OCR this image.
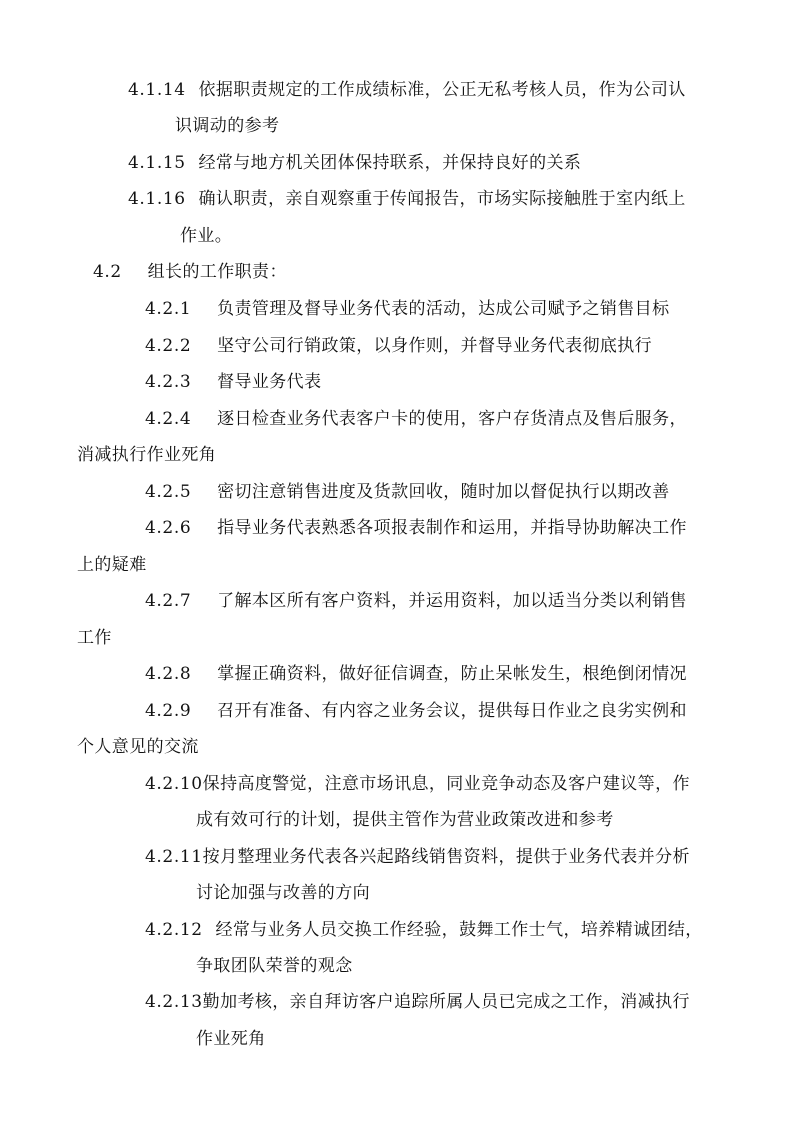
4.1.14 依据职责规定的工作成绩标准，公正无私考核人员，作为公司认
识调动的参考
4.1.15 经常与地方机关团体保持联系，并保持良好的关系
4.1.16 确认职责，亲自观察重于传闻报告，市场实际接触胜于室内纸上
作业。
4.2 组长的工作职责：
4.2.1 负责管理及督导业务代表的活动，达成公司赋予之销售目标
4.2.2 坚守公司行销政策，以身作则，并督导业务代表彻底执行
4.2.3 督导业务代表
4.2.4 逐日检查业务代表客户卡的使用，客户存货清点及售后服务，
消减执行作业死角
4.2.5 密切注意销售进度及货款回收，随时加以督促执行以期改善
4.2.6 指导业务代表熟悉各项报表制作和运用，并指导协助解决工作
上的疑难
4.2.7 了解本区所有客户资料，并运用资料，加以适当分类以利销售
工作
4.2.8 掌握正确资料，做好征信调查，防止呆帐发生，根绝倒闭情况
4.2.9 召开有准备、有内容之业务会议，提供每日作业之良劣实例和
个人意见的交流
4.2.10保持高度警觉，注意市场讯息，同业竞争动态及客户建议等，作
成有效可行的计划，提供主管作为营业政策改进和参考
4.2.11按月整理业务代表各兴起路线销售资料，提供于业务代表并分析
讨论加强与改善的方向
4.2.12 经常与业务人员交换工作经验，鼓舞工作士气，培养精诚团结，
争取团队荣誉的观念
4.2.13勤加考核，亲自拜访客户追踪所属人员已完成之工作，消减执行
作业死角
